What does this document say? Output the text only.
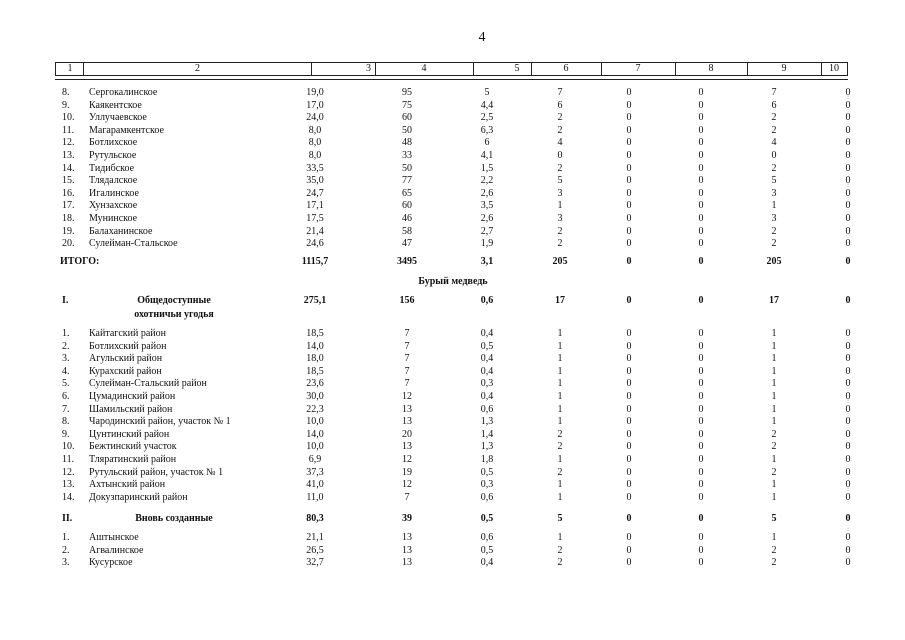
4
1	2	3	4	5	6	7	8	9	10
8. Сергокалинское	19,0	95	5	7	0	0	7	0
9. Каякентское	17,0	75	4,4	6	0	0	6	0
10. Уллучаевское	24,0	60	2,5	2	0	0	2	0
11. Магарамкентское	8,0	50	6,3	2	0	0	2	0
12. Ботлихское	8,0	48	6	4	0	0	4	0
13. Рутульское	8,0	33	4,1	0	0	0	0	0
14. Тидибское	33,5	50	1,5	2	0	0	2	0
15. Тлядалское	35,0	77	2,2	5	0	0	5	0
16. Игалинское	24,7	65	2,6	3	0	0	3	0
17. Хунзахское	17,1	60	3,5	1	0	0	1	0
18. Мунинское	17,5	46	2,6	3	0	0	3	0
19. Балаханинское	21,4	58	2,7	2	0	0	2	0
20. Сулейман-Стальское	24,6	47	1,9	2	0	0	2	0
ИТОГО:	1115,7	3495	3,1	205	0	0	205	0
I.	Общедоступные	275,1	156	0,6	17	0	0	17	0
охотничьи угодья
1. Кайтагский район	18,5	7	0,4	1	0	0	1	0
2. Ботлихский район	14,0	7	0,5	1	0	0	1	0
3. Агульский район	18,0	7	0,4	1	0	0	1	0
4. Курахский район	18,5	7	0,4	1	0	0	1	0
5. Сулейман-Стальский район	23,6	7	0,3	1	0	0	1	0
6. Цумадинский район	30,0	12	0,4	1	0	0	1	0
7. Шамильский район	22,3	13	0,6	1	0	0	1	0
8. Чародинский район, участок № 1	10,0	13	1,3	1	0	0	1	0
9. Цунтинский район	14,0	20	1,4	2	0	0	2	0
10. Бежтинский участок	10,0	13	1,3	2	0	0	2	0
11. Тляратинский район	6,9	12	1,8	1	0	0	1	0
12. Рутульский район, участок № 1	37,3	19	0,5	2	0	0	2	0
13. Ахтынский район	41,0	12	0,3	1	0	0	1	0
14. Докузпаринский район	11,0	7	0,6	1	0	0	1	0
II.	Вновь созданные	80,3	39	0,5	5	0	0	5	0
1. Аштынское	21,1	13	0,6	1	0	0	1	0
2. Агвалинское	26,5	13	0,5	2	0	0	2	0
3. Кусурское	32,7	13	0,4	2	0	0	2	0
Бурый медведь
